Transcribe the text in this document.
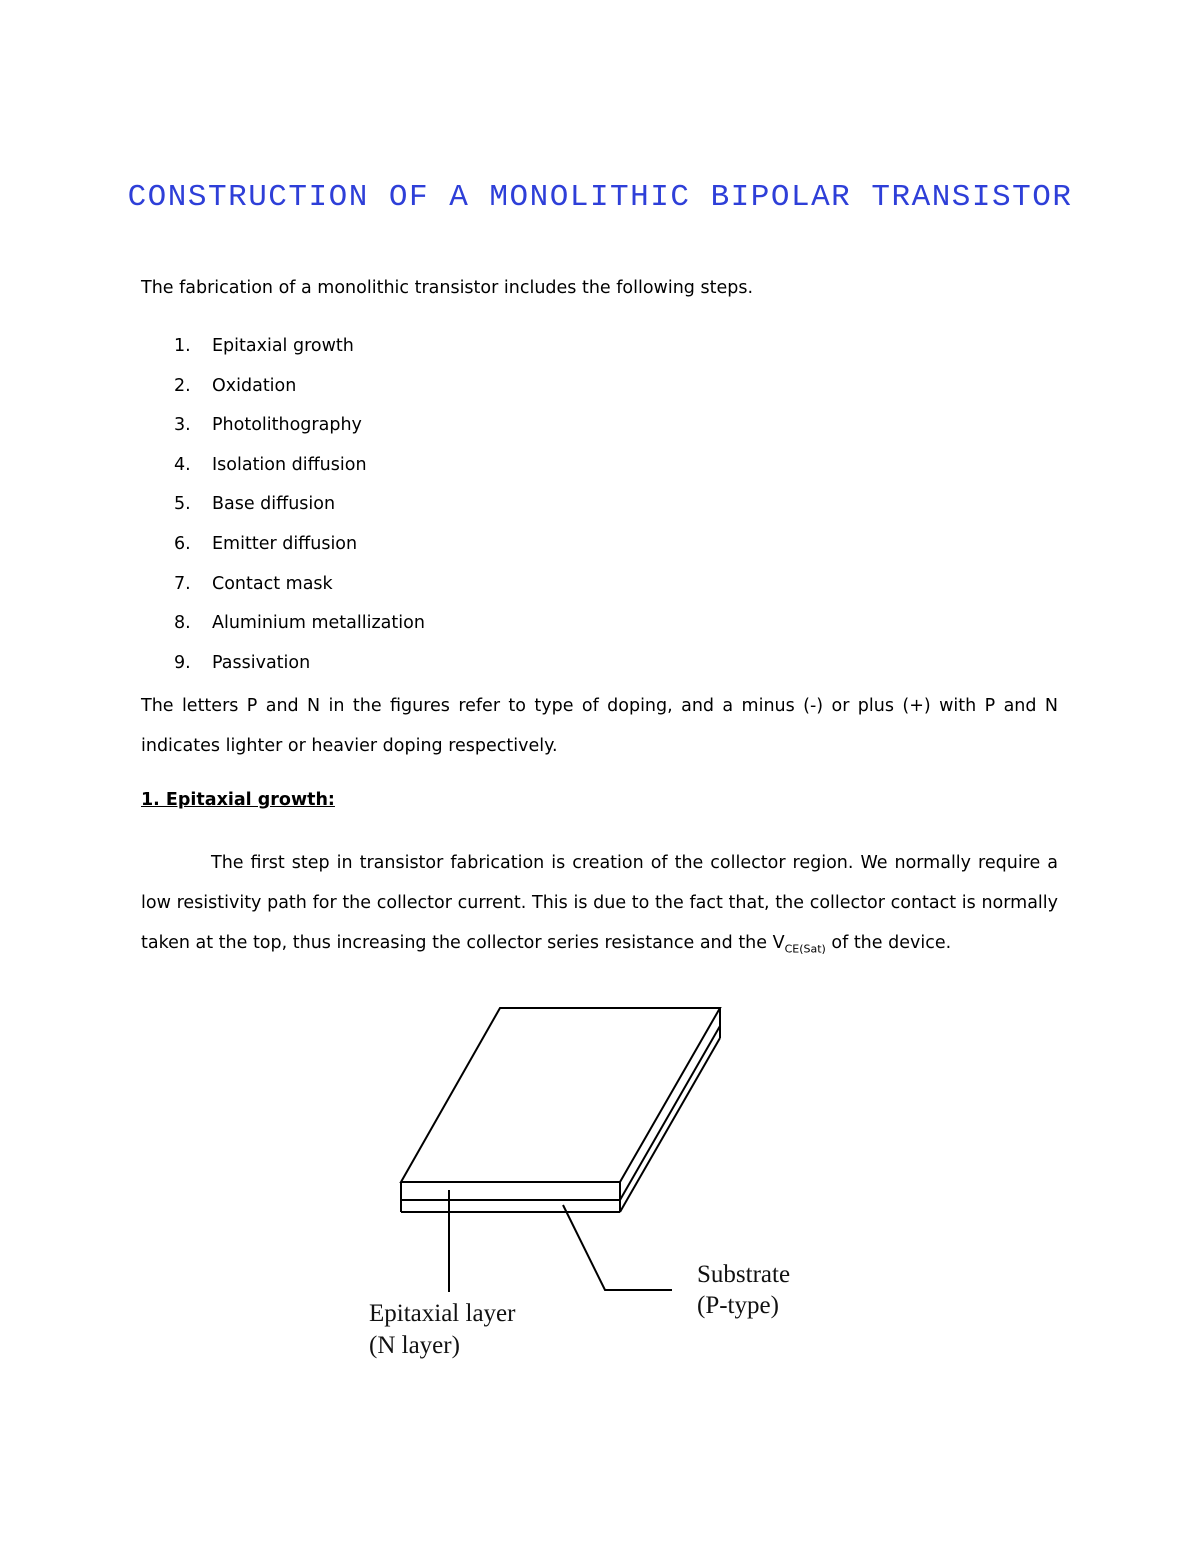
CONSTRUCTION OF A MONOLITHIC BIPOLAR TRANSISTOR

The fabrication of a monolithic transistor includes the following steps.

1.	Epitaxial growth
2.	Oxidation
3.	Photolithography
4.	Isolation diffusion
5.	Base diffusion
6.	Emitter diffusion
7.	Contact mask
8.	Aluminium metallization
9.	Passivation

The letters P and N in the figures refer to type of doping, and a minus (-) or plus (+) with P and N indicates lighter or heavier doping respectively.

1. Epitaxial growth:

The first step in transistor fabrication is creation of the collector region. We normally require a low resistivity path for the collector current. This is due to the fact that, the collector contact is normally taken at the top, thus increasing the collector series resistance and the $V_{CE(Sat)}$ of the device.

Substrate
(P-type)
Epitaxial layer
(N layer)
